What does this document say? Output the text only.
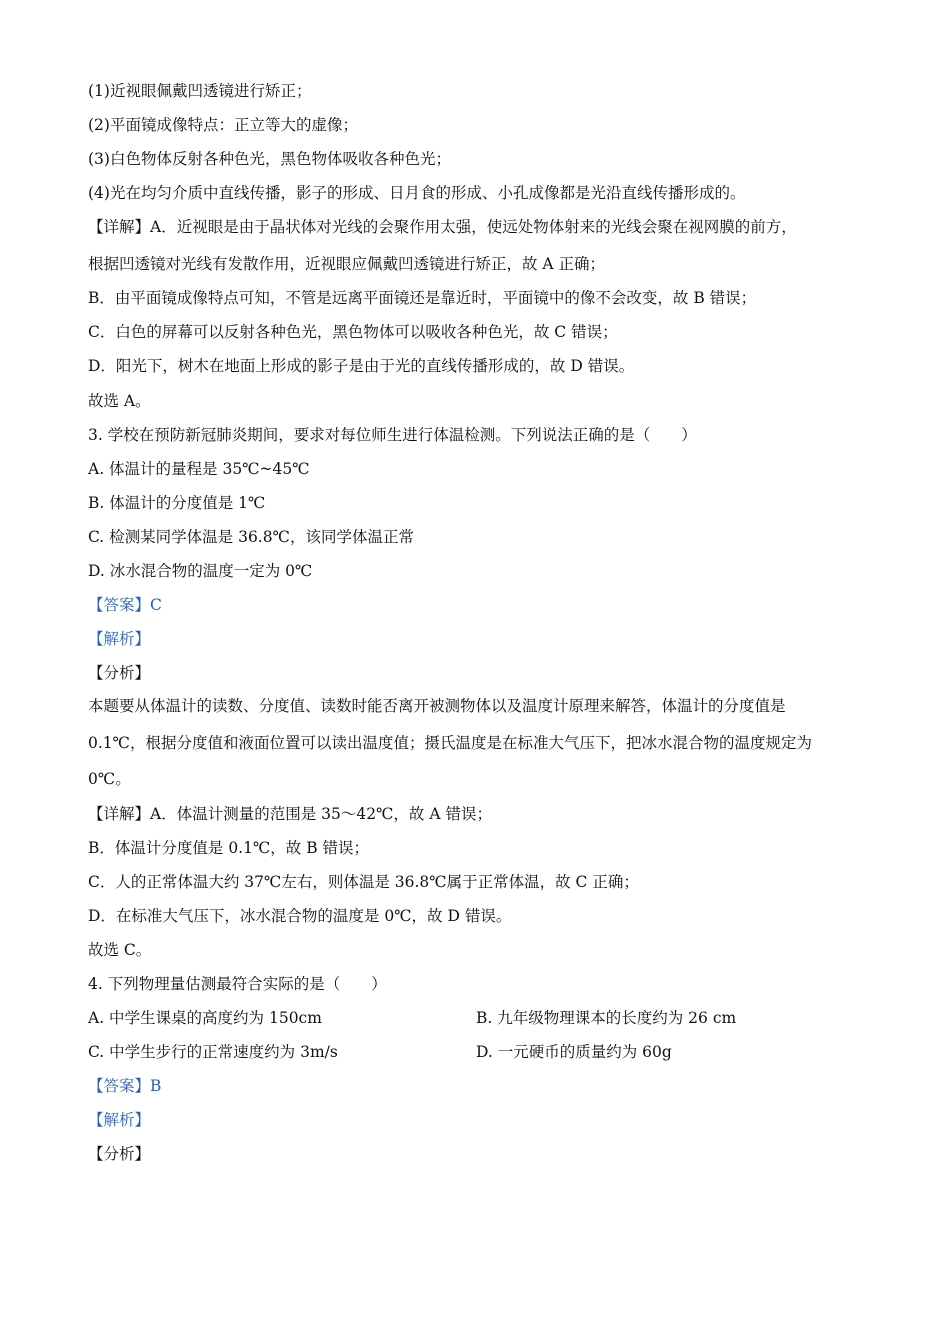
(1)近视眼佩戴凹透镜进行矫正；
(2)平面镜成像特点：正立等大的虚像；
(3)白色物体反射各种色光，黑色物体吸收各种色光；
(4)光在均匀介质中直线传播，影子的形成、日月食的形成、小孔成像都是光沿直线传播形成的。
【详解】A．近视眼是由于晶状体对光线的会聚作用太强，使远处物体射来的光线会聚在视网膜的前方，
根据凹透镜对光线有发散作用，近视眼应佩戴凹透镜进行矫正，故 A 正确；
B．由平面镜成像特点可知，不管是远离平面镜还是靠近时，平面镜中的像不会改变，故 B 错误；
C．白色的屏幕可以反射各种色光，黑色物体可以吸收各种色光，故 C 错误；
D．阳光下，树木在地面上形成的影子是由于光的直线传播形成的，故 D 错误。
故选 A。
3. 学校在预防新冠肺炎期间，要求对每位师生进行体温检测。下列说法正确的是（　　）
A. 体温计的量程是 35℃~45℃
B. 体温计的分度值是 1℃
C. 检测某同学体温是 36.8℃，该同学体温正常
D. 冰水混合物的温度一定为 0℃
【答案】C
【解析】
【分析】
本题要从体温计的读数、分度值、读数时能否离开被测物体以及温度计原理来解答，体温计的分度值是
0.1℃，根据分度值和液面位置可以读出温度值；摄氏温度是在标准大气压下，把冰水混合物的温度规定为
0℃。
【详解】A．体温计测量的范围是 35～42℃，故 A 错误；
B．体温计分度值是 0.1℃，故 B 错误；
C．人的正常体温大约 37℃左右，则体温是 36.8℃属于正常体温，故 C 正确；
D．在标准大气压下，冰水混合物的温度是 0℃，故 D 错误。
故选 C。
4. 下列物理量估测最符合实际的是（　　）
A. 中学生课桌的高度约为 150cm	B. 九年级物理课本的长度约为 26 cm
C. 中学生步行的正常速度约为 3m/s	D. 一元硬币的质量约为 60g
【答案】B
【解析】
【分析】
